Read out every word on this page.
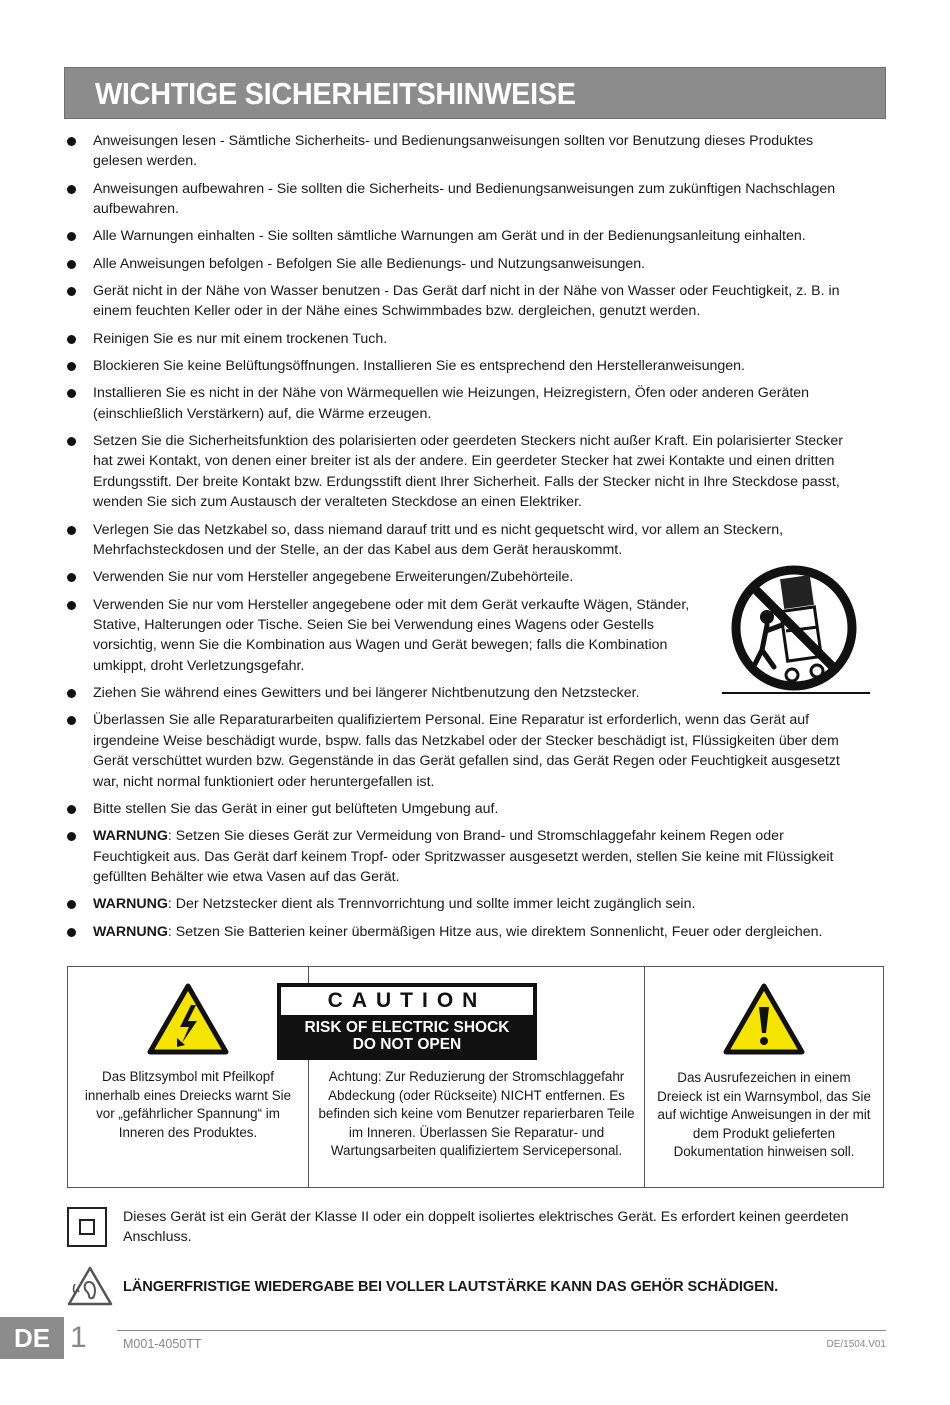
WICHTIGE SICHERHEITSHINWEISE
Anweisungen lesen - Sämtliche Sicherheits- und Bedienungsanweisungen sollten vor Benutzung dieses Produktes gelesen werden.
Anweisungen aufbewahren - Sie sollten die Sicherheits- und Bedienungsanweisungen zum zukünftigen Nachschlagen aufbewahren.
Alle Warnungen einhalten - Sie sollten sämtliche Warnungen am Gerät und in der Bedienungsanleitung einhalten.
Alle Anweisungen befolgen - Befolgen Sie alle Bedienungs- und Nutzungsanweisungen.
Gerät nicht in der Nähe von Wasser benutzen - Das Gerät darf nicht in der Nähe von Wasser oder Feuchtigkeit, z. B. in einem feuchten Keller oder in der Nähe eines Schwimmbades bzw. dergleichen, genutzt werden.
Reinigen Sie es nur mit einem trockenen Tuch.
Blockieren Sie keine Belüftungsöffnungen. Installieren Sie es entsprechend den Herstelleranweisungen.
Installieren Sie es nicht in der Nähe von Wärmequellen wie Heizungen, Heizregistern, Öfen oder anderen Geräten (einschließlich Verstärkern) auf, die Wärme erzeugen.
Setzen Sie die Sicherheitsfunktion des polarisierten oder geerdeten Steckers nicht außer Kraft. Ein polarisierter Stecker hat zwei Kontakt, von denen einer breiter ist als der andere. Ein geerdeter Stecker hat zwei Kontakte und einen dritten Erdungsstift. Der breite Kontakt bzw. Erdungsstift dient Ihrer Sicherheit. Falls der Stecker nicht in Ihre Steckdose passt, wenden Sie sich zum Austausch der veralteten Steckdose an einen Elektriker.
Verlegen Sie das Netzkabel so, dass niemand darauf tritt und es nicht gequetscht wird, vor allem an Steckern, Mehrfachsteckdosen und der Stelle, an der das Kabel aus dem Gerät herauskommt.
Verwenden Sie nur vom Hersteller angegebene Erweiterungen/Zubehörteile.
Verwenden Sie nur vom Hersteller angegebene oder mit dem Gerät verkaufte Wägen, Ständer, Stative, Halterungen oder Tische. Seien Sie bei Verwendung eines Wagens oder Gestells vorsichtig, wenn Sie die Kombination aus Wagen und Gerät bewegen; falls die Kombination umkippt, droht Verletzungsgefahr.
Ziehen Sie während eines Gewitters und bei längerer Nichtbenutzung den Netzstecker.
Überlassen Sie alle Reparaturarbeiten qualifiziertem Personal. Eine Reparatur ist erforderlich, wenn das Gerät auf irgendeine Weise beschädigt wurde, bspw. falls das Netzkabel oder der Stecker beschädigt ist, Flüssigkeiten über dem Gerät verschüttet wurden bzw. Gegenstände in das Gerät gefallen sind, das Gerät Regen oder Feuchtigkeit ausgesetzt war, nicht normal funktioniert oder heruntergefallen ist.
Bitte stellen Sie das Gerät in einer gut belüfteten Umgebung auf.
WARNUNG: Setzen Sie dieses Gerät zur Vermeidung von Brand- und Stromschlaggefahr keinem Regen oder Feuchtigkeit aus. Das Gerät darf keinem Tropf- oder Spritzwasser ausgesetzt werden, stellen Sie keine mit Flüssigkeit gefüllten Behälter wie etwa Vasen auf das Gerät.
WARNUNG: Der Netzstecker dient als Trennvorrichtung und sollte immer leicht zugänglich sein.
WARNUNG: Setzen Sie Batterien keiner übermäßigen Hitze aus, wie direktem Sonnenlicht, Feuer oder dergleichen.
Das Blitzsymbol mit Pfeilkopf innerhalb eines Dreiecks warnt Sie vor „gefährlicher Spannung“ im Inneren des Produktes.
CAUTION
RISK OF ELECTRIC SHOCK
DO NOT OPEN
Achtung: Zur Reduzierung der Stromschlaggefahr Abdeckung (oder Rückseite) NICHT entfernen. Es befinden sich keine vom Benutzer reparierbaren Teile im Inneren. Überlassen Sie Reparatur- und Wartungsarbeiten qualifiziertem Servicepersonal.
Das Ausrufezeichen in einem Dreieck ist ein Warnsymbol, das Sie auf wichtige Anweisungen in der mit dem Produkt gelieferten Dokumentation hinweisen soll.
Dieses Gerät ist ein Gerät der Klasse II oder ein doppelt isoliertes elektrisches Gerät. Es erfordert keinen geerdeten Anschluss.
LÄNGERFRISTIGE WIEDERGABE BEI VOLLER LAUTSTÄRKE KANN DAS GEHÖR SCHÄDIGEN.
DE 1	M001-4050TT	DE/1504.V01
